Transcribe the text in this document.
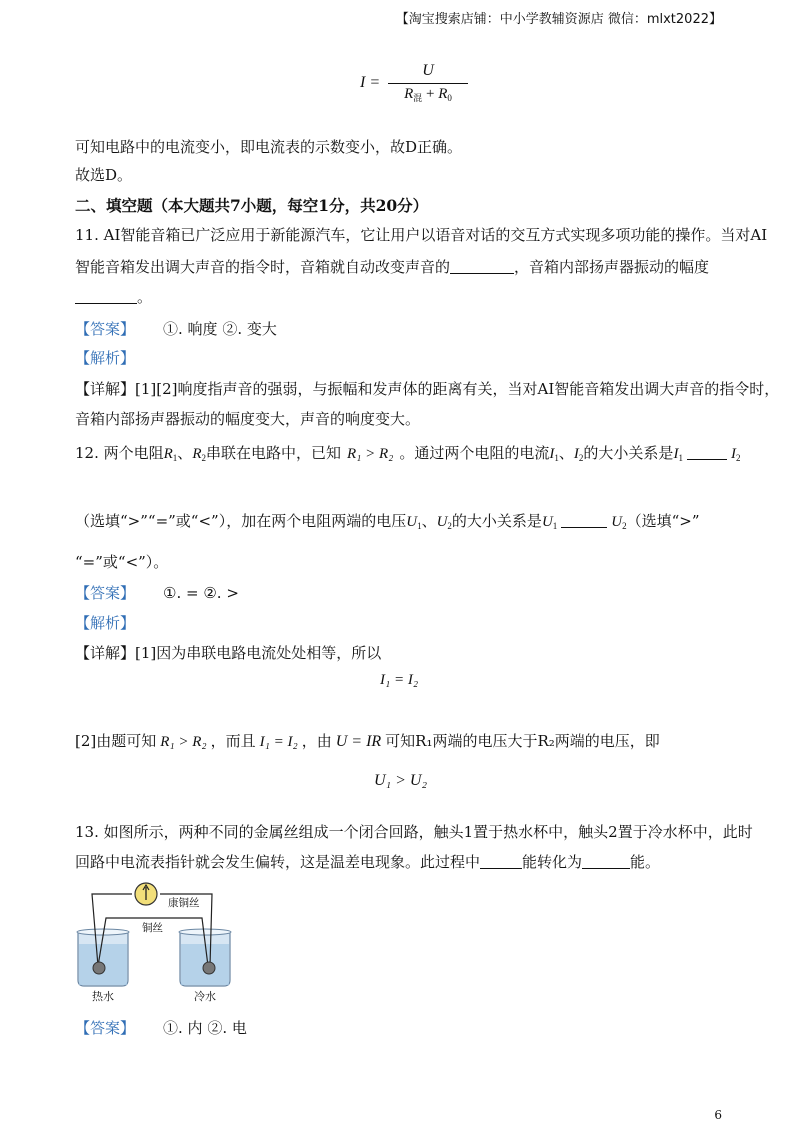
【淘宝搜索店铺：中小学教辅资源店 微信：mlxt2022】
I =
U
$R_混 + R_0$
可知电路中的电流变小，即电流表的示数变小，故D正确。
故选D。
二、填空题（本大题共7小题，每空1分，共20分）
11. AI智能音箱已广泛应用于新能源汽车，它让用户以语音对话的交互方式实现多项功能的操作。当对AI
智能音箱发出调大声音的指令时，音箱就自动改变声音的	，音箱内部扬声器振动的幅度
。
【答案】 ①. 响度 ②. 变大
【解析】
【详解】[1][2]响度指声音的强弱，与振幅和发声体的距离有关，当对AI智能音箱发出调大声音的指令时，
音箱内部扬声器振动的幅度变大，声音的响度变大。
12. 两个电阻$R_1$、$R_2$串联在电路中，已知 R₁ > R₂ 。通过两个电阻的电流$I_1$、$I_2$的大小关系是$I_1$	$I_2$
（选填“>”“=”或“<”），加在两个电阻两端的电压$U_1$、$U_2$的大小关系是$U_1$	$U_2$（选填“>”
“=”或“<”）。
【答案】 ①. = ②. >
【解析】
【详解】[1]因为串联电路电流处处相等，所以
I₁ = I₂
[2]由题可知 R₁ > R₂ ，而且 I₁ = I₂ ，由 U = IR 可知R₁两端的电压大于R₂两端的电压，即
U₁ > U₂
13. 如图所示，两种不同的金属丝组成一个闭合回路，触头1置于热水杯中，触头2置于冷水杯中，此时
回路中电流表指针就会发生偏转，这是温差电现象。此过程中	能转化为	能。
康铜丝
铜丝
热水	冷水
【答案】 ①. 内 ②. 电
6
